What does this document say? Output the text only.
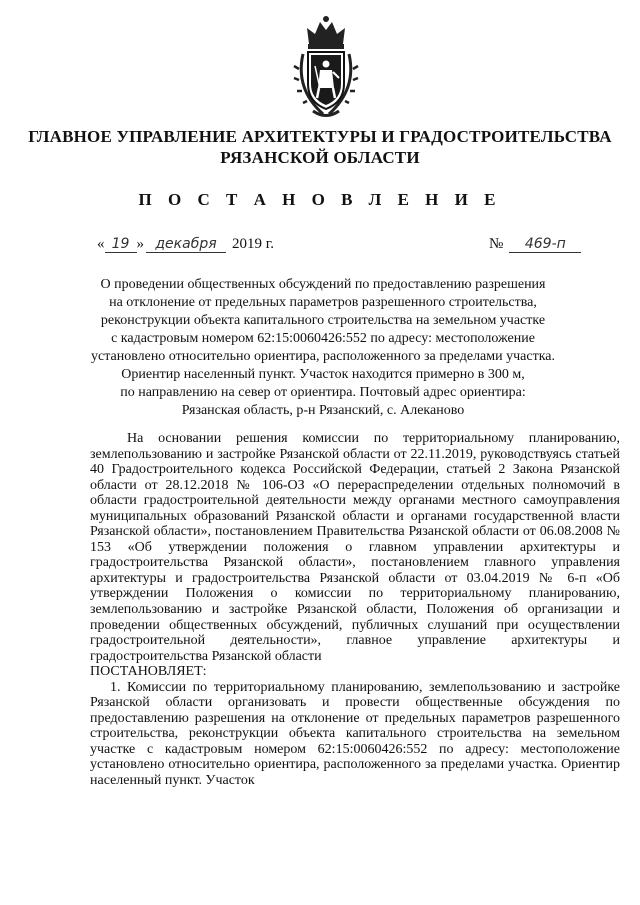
ГЛАВНОЕ УПРАВЛЕНИЕ АРХИТЕКТУРЫ И ГРАДОСТРОИТЕЛЬСТВА
РЯЗАНСКОЙ ОБЛАСТИ
П О С Т А Н О В Л Е Н И Е
« 19 » декабря 2019 г.	№ 469-п
О проведении общественных обсуждений по предоставлению разрешения
на отклонение от предельных параметров разрешенного строительства,
реконструкции объекта капитального строительства на земельном участке
с кадастровым номером 62:15:0060426:552 по адресу: местоположение
установлено относительно ориентира, расположенного за пределами участка.
Ориентир населенный пункт. Участок находится примерно в 300 м,
по направлению на север от ориентира. Почтовый адрес ориентира:
Рязанская область, р-н Рязанский, с. Алеканово

На основании решения комиссии по территориальному планированию, землепользованию и застройке Рязанской области от 22.11.2019, руководствуясь статьей 40 Градостроительного кодекса Российской Федерации, статьей 2 Закона Рязанской области от 28.12.2018 № 106-ОЗ «О перераспределении отдельных полномочий в области градостроительной деятельности между органами местного самоуправления муниципальных образований Рязанской области и органами государственной власти Рязанской области», постановлением Правительства Рязанской области от 06.08.2008 № 153 «Об утверждении положения о главном управлении архитектуры и градостроительства Рязанской области», постановлением главного управления архитектуры и градостроительства Рязанской области от 03.04.2019 № 6-п «Об утверждении Положения о комиссии по территориальному планированию, землепользованию и застройке Рязанской области, Положения об организации и проведении общественных обсуждений, публичных слушаний при осуществлении градостроительной деятельности», главное управление архитектуры и градостроительства Рязанской области

ПОСТАНОВЛЯЕТ:

1. Комиссии по территориальному планированию, землепользованию и застройке Рязанской области организовать и провести общественные обсуждения по предоставлению разрешения на отклонение от предельных параметров разрешенного строительства, реконструкции объекта капитального строительства на земельном участке с кадастровым номером 62:15:0060426:552 по адресу: местоположение установлено относительно ориентира, расположенного за пределами участка. Ориентир населенный пункт. Участок
